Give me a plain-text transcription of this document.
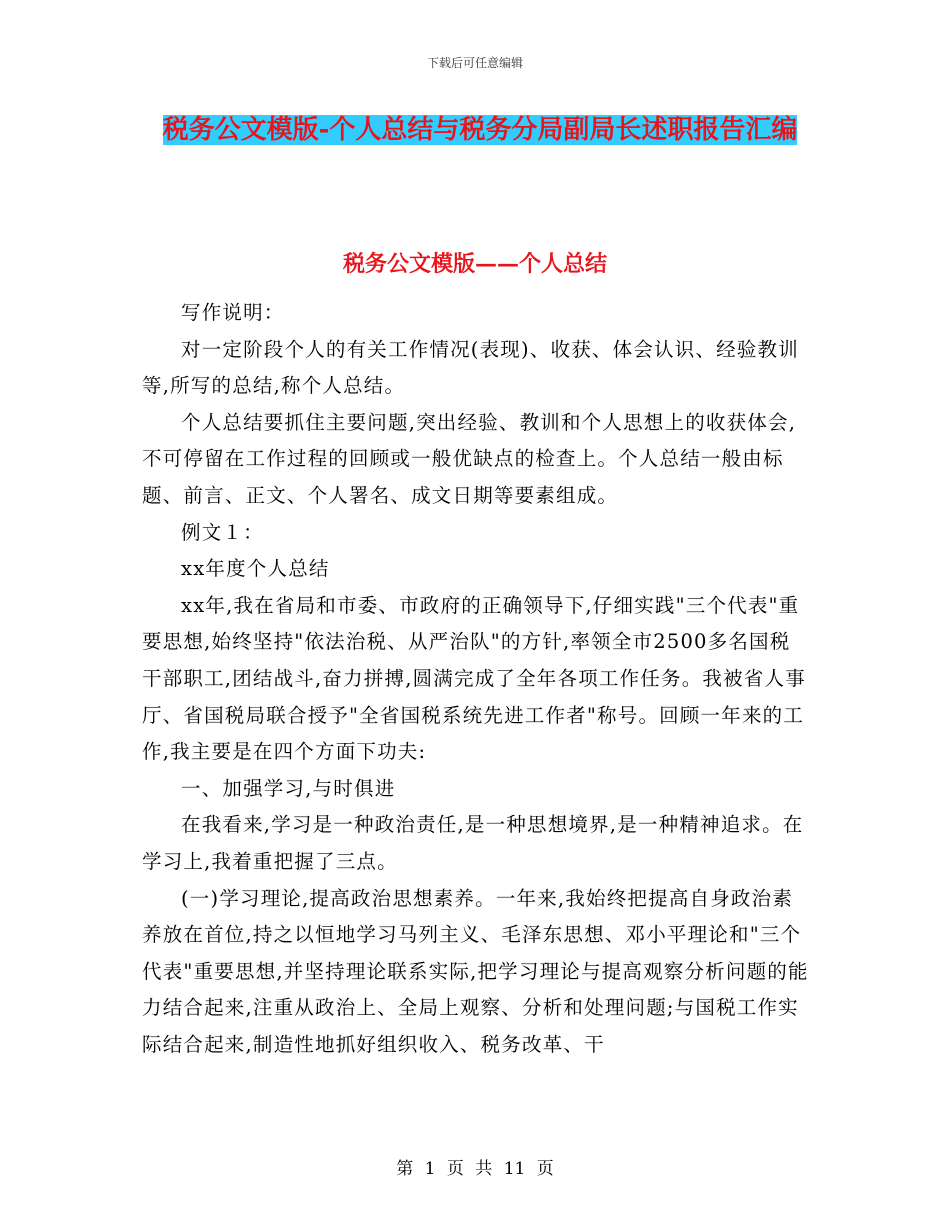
下载后可任意编辑
税务公文模版-个人总结与税务分局副局长述职报告汇编
税务公文模版——个人总结

写作说明：

对一定阶段个人的有关工作情况(表现)、收获、体会认识、经验教训等,所写的总结,称个人总结。

个人总结要抓住主要问题,突出经验、教训和个人思想上的收获体会,不可停留在工作过程的回顾或一般优缺点的检查上。个人总结一般由标题、前言、正文、个人署名、成文日期等要素组成。

例文１：

xx年度个人总结

xx年,我在省局和市委、市政府的正确领导下,仔细实践"三个代表"重要思想,始终坚持"依法治税、从严治队"的方针,率领全市2500多名国税干部职工,团结战斗,奋力拼搏,圆满完成了全年各项工作任务。我被省人事厅、省国税局联合授予"全省国税系统先进工作者"称号。回顾一年来的工作,我主要是在四个方面下功夫:

一、加强学习,与时俱进

在我看来,学习是一种政治责任,是一种思想境界,是一种精神追求。在学习上,我着重把握了三点。

(一)学习理论,提高政治思想素养。一年来,我始终把提高自身政治素养放在首位,持之以恒地学习马列主义、毛泽东思想、邓小平理论和"三个代表"重要思想,并坚持理论联系实际,把学习理论与提高观察分析问题的能力结合起来,注重从政治上、全局上观察、分析和处理问题;与国税工作实际结合起来,制造性地抓好组织收入、税务改革、干

第 1 页 共 11 页
